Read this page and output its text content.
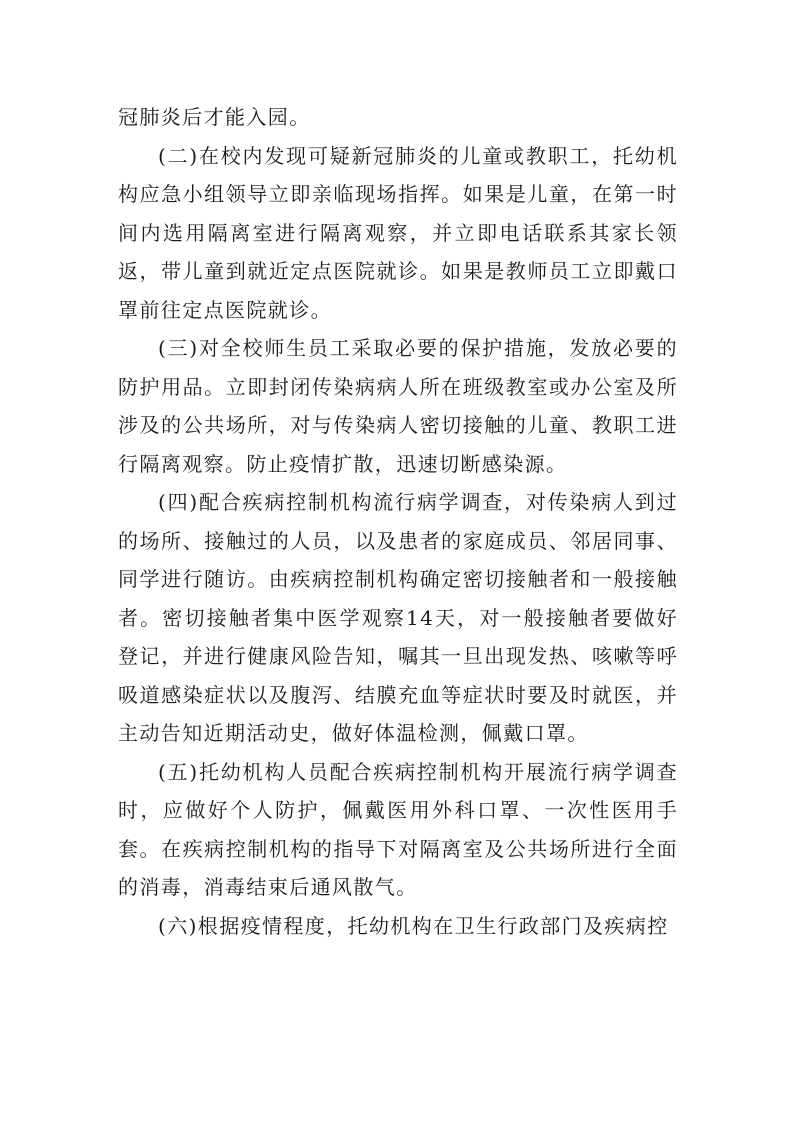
冠肺炎后才能入园。

(二)在校内发现可疑新冠肺炎的儿童或教职工，托幼机构应急小组领导立即亲临现场指挥。如果是儿童，在第一时间内选用隔离室进行隔离观察，并立即电话联系其家长领返，带儿童到就近定点医院就诊。如果是教师员工立即戴口罩前往定点医院就诊。

(三)对全校师生员工采取必要的保护措施，发放必要的防护用品。立即封闭传染病病人所在班级教室或办公室及所涉及的公共场所，对与传染病人密切接触的儿童、教职工进行隔离观察。防止疫情扩散，迅速切断感染源。

(四)配合疾病控制机构流行病学调查，对传染病人到过的场所、接触过的人员，以及患者的家庭成员、邻居同事、同学进行随访。由疾病控制机构确定密切接触者和一般接触者。密切接触者集中医学观察14天，对一般接触者要做好登记，并进行健康风险告知，嘱其一旦出现发热、咳嗽等呼吸道感染症状以及腹泻、结膜充血等症状时要及时就医，并主动告知近期活动史，做好体温检测，佩戴口罩。

(五)托幼机构人员配合疾病控制机构开展流行病学调查时，应做好个人防护，佩戴医用外科口罩、一次性医用手套。在疾病控制机构的指导下对隔离室及公共场所进行全面的消毒，消毒结束后通风散气。

(六)根据疫情程度，托幼机构在卫生行政部门及疾病控
